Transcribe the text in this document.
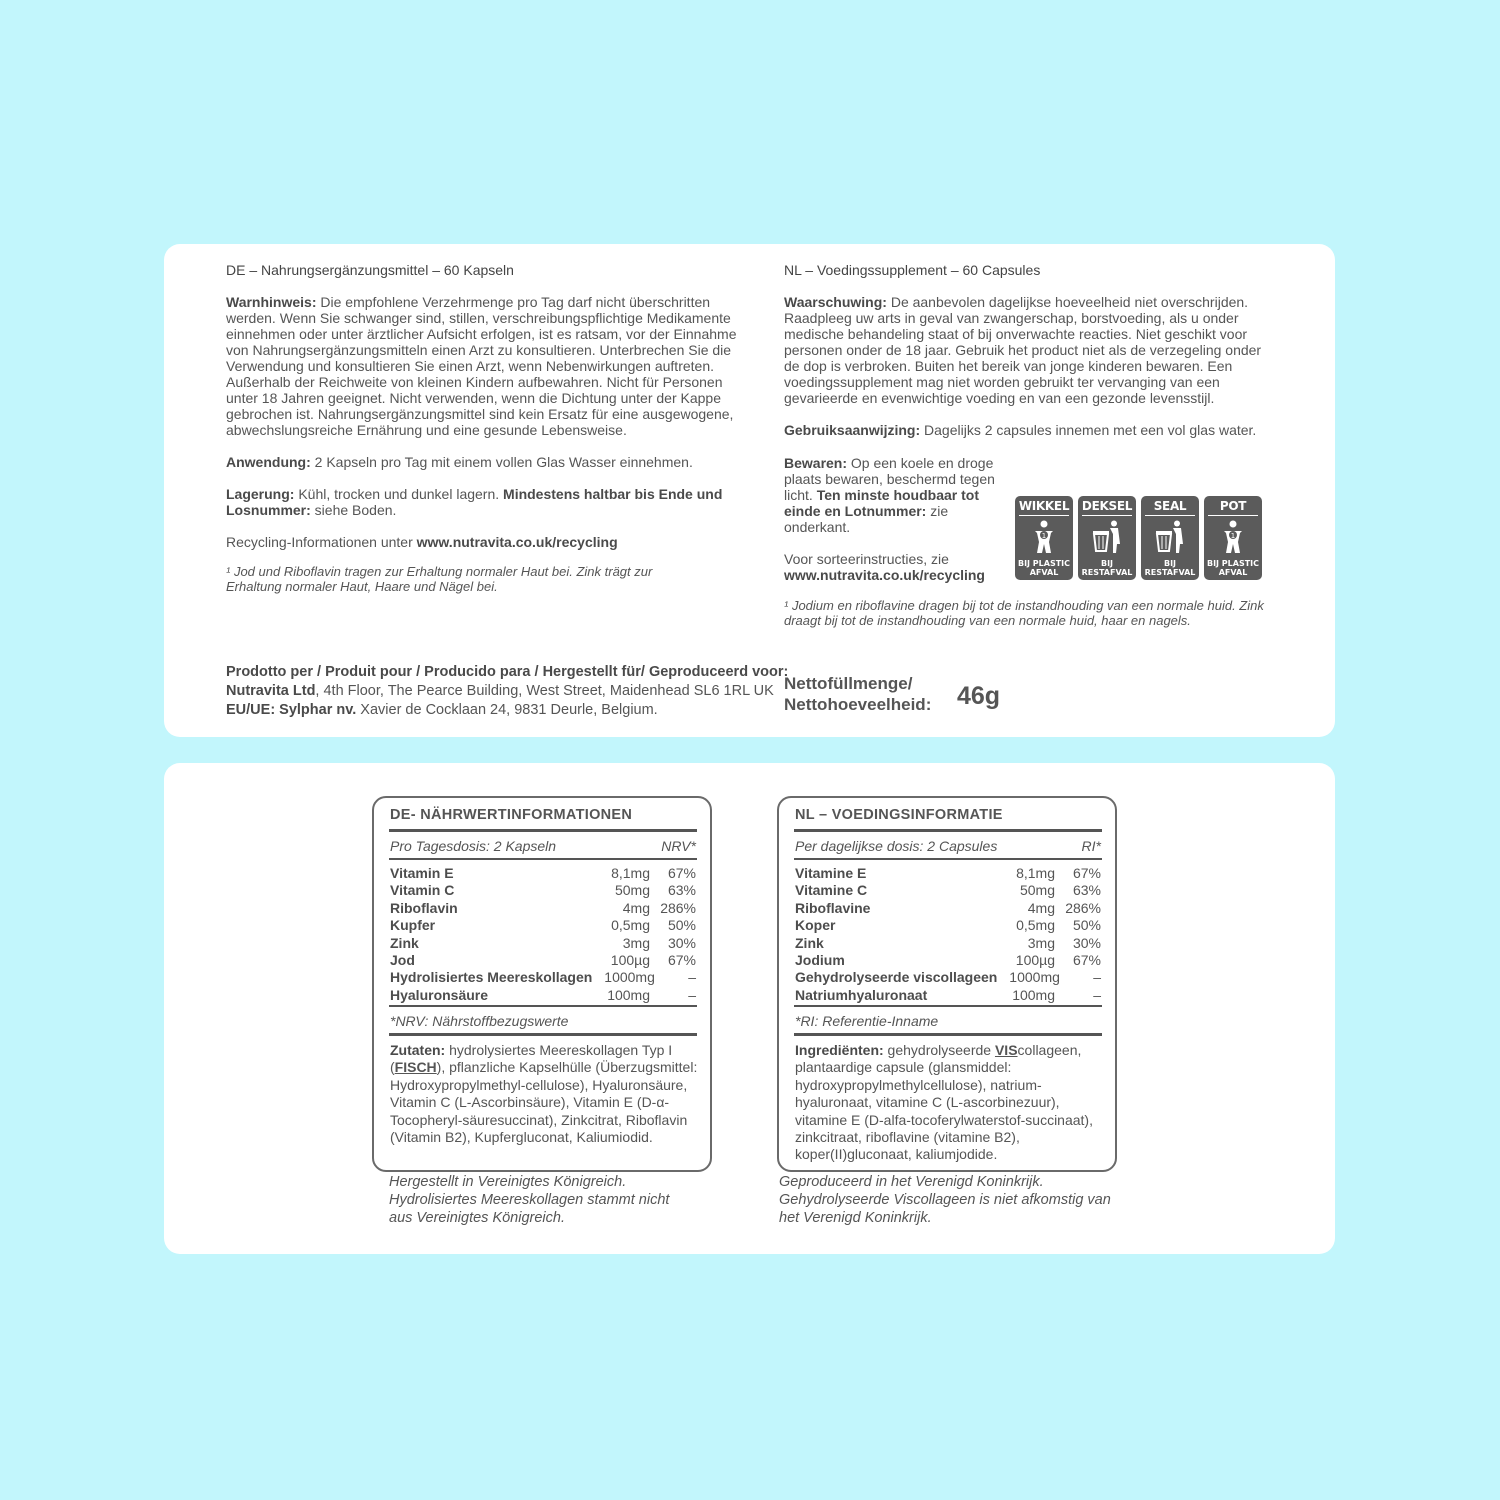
DE – Nahrungsergänzungsmittel – 60 Kapseln

Warnhinweis: Die empfohlene Verzehrmenge pro Tag darf nicht überschritten werden. Wenn Sie schwanger sind, stillen, verschreibungspflichtige Medikamente einnehmen oder unter ärztlicher Aufsicht erfolgen, ist es ratsam, vor der Einnahme von Nahrungsergänzungsmitteln einen Arzt zu konsultieren. Unterbrechen Sie die Verwendung und konsultieren Sie einen Arzt, wenn Nebenwirkungen auftreten. Außerhalb der Reichweite von kleinen Kindern aufbewahren. Nicht für Personen unter 18 Jahren geeignet. Nicht verwenden, wenn die Dichtung unter der Kappe gebrochen ist. Nahrungsergänzungsmittel sind kein Ersatz für eine ausgewogene, abwechslungsreiche Ernährung und eine gesunde Lebensweise.

Anwendung: 2 Kapseln pro Tag mit einem vollen Glas Wasser einnehmen.

Lagerung: Kühl, trocken und dunkel lagern. Mindestens haltbar bis Ende und Losnummer: siehe Boden.

Recycling-Informationen unter www.nutravita.co.uk/recycling

¹ Jod und Riboflavin tragen zur Erhaltung normaler Haut bei. Zink trägt zur Erhaltung normaler Haut, Haare und Nägel bei.

NL – Voedingssupplement – 60 Capsules

Waarschuwing: De aanbevolen dagelijkse hoeveelheid niet overschrijden. Raadpleeg uw arts in geval van zwangerschap, borstvoeding, als u onder medische behandeling staat of bij onverwachte reacties. Niet geschikt voor personen onder de 18 jaar. Gebruik het product niet als de verzegeling onder de dop is verbroken. Buiten het bereik van jonge kinderen bewaren. Een voedingssupplement mag niet worden gebruikt ter vervanging van een gevarieerde en evenwichtige voeding en van een gezonde levensstijl.

Gebruiksaanwijzing: Dagelijks 2 capsules innemen met een vol glas water.

Bewaren: Op een koele en droge plaats bewaren, beschermd tegen licht. Ten minste houdbaar tot einde en Lotnummer: zie onderkant.

Voor sorteerinstructies, zie www.nutravita.co.uk/recycling

WIKKEL
1
BIJ PLASTIC
AFVAL
DEKSEL
BIJ
RESTAFVAL
SEAL
BIJ
RESTAFVAL
POT
1
BIJ PLASTIC
AFVAL
¹ Jodium en riboflavine dragen bij tot de instandhouding van een normale huid. Zink draagt bij tot de instandhouding van een normale huid, haar en nagels.
Prodotto per / Produit pour / Producido para / Hergestellt für/ Geproduceerd voor:
Nutravita Ltd, 4th Floor, The Pearce Building, West Street, Maidenhead SL6 1RL UK
EU/UE: Sylphar nv. Xavier de Cocklaan 24, 9831 Deurle, Belgium.
Nettofüllmenge/
Nettohoeveelheid: 46g
DE- NÄHRWERTINFORMATIONEN
Pro Tagesdosis: 2 Kapseln	NRV*
Vitamin E	8,1mg	67%
Vitamin C	50mg	63%
Riboflavin	4mg 286%
Kupfer	0,5mg	50%
Zink	3mg	30%
Jod	100µg	67%
Hydrolisiertes Meereskollagen 1000mg	–
Hyaluronsäure	100mg	–
*NRV: Nährstoffbezugswerte
Zutaten: hydrolysiertes Meereskollagen Typ I (FISCH), pflanzliche Kapselhülle (Überzugsmittel: Hydroxypropylmethyl-cellulose), Hyaluronsäure, Vitamin C (L-Ascorbinsäure), Vitamin E (D-α-Tocopheryl-säuresuccinat), Zinkcitrat, Riboflavin (Vitamin B2), Kupfergluconat, Kaliumiodid.
Hergestellt in Vereinigtes Königreich. Hydrolisiertes Meereskollagen stammt nicht aus Vereinigtes Königreich.
NL – VOEDINGSINFORMATIE
Per dagelijkse dosis: 2 Capsules	RI*
Vitamine E	8,1mg	67%
Vitamine C	50mg	63%
Riboflavine	4mg 286%
Koper	0,5mg	50%
Zink	3mg	30%
Jodium	100µg	67%
Gehydrolyseerde viscollageen 1000mg	–
Natriumhyaluronaat	100mg	–
*RI: Referentie-Inname
Ingrediënten: gehydrolyseerde VIScollageen, plantaardige capsule (glansmiddel: hydroxypropylmethylcellulose), natrium-hyaluronaat, vitamine C (L-ascorbinezuur), vitamine E (D-alfa-tocoferylwaterstof-succinaat), zinkcitraat, riboflavine (vitamine B2), koper(II)gluconaat, kaliumjodide.
Geproduceerd in het Verenigd Koninkrijk. Gehydrolyseerde Viscollageen is niet afkomstig van het Verenigd Koninkrijk.
